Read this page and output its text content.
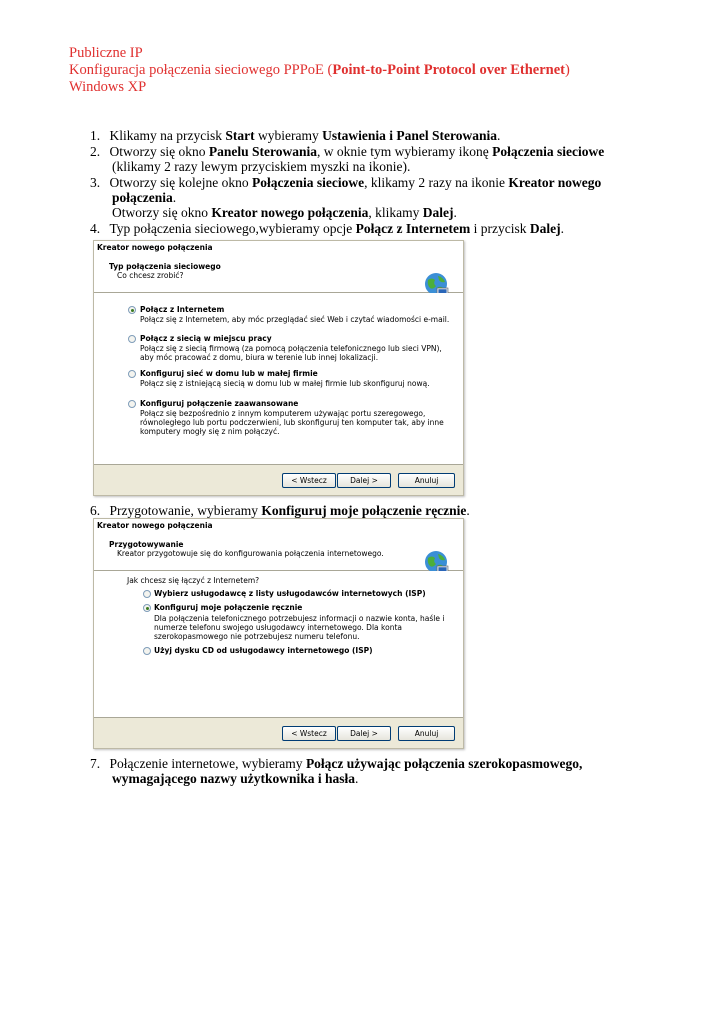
Publiczne IP
Konfiguracja połączenia sieciowego PPPoE (Point-to-Point Protocol over Ethernet)
Windows XP
1. Klikamy na przycisk Start wybieramy Ustawienia i Panel Sterowania.
2. Otworzy się okno Panelu Sterowania, w oknie tym wybieramy ikonę Połączenia sieciowe
(klikamy 2 razy lewym przyciskiem myszki na ikonie).
3. Otworzy się kolejne okno Połączenia sieciowe, klikamy 2 razy na ikonie Kreator nowego
połączenia.
Otworzy się okno Kreator nowego połączenia, klikamy Dalej.
4. Typ połączenia sieciowego,wybieramy opcje Połącz z Internetem i przycisk Dalej.
Kreator nowego połączenia
Typ połączenia sieciowego
Co chcesz zrobić?
Połącz z Internetem
Połącz się z Internetem, aby móc przeglądać sieć Web i czytać wiadomości e-mail.
Połącz z siecią w miejscu pracy
Połącz się z siecią firmową (za pomocą połączenia telefonicznego lub sieci VPN),
aby móc pracować z domu, biura w terenie lub innej lokalizacji.
Konfiguruj sieć w domu lub w małej firmie
Połącz się z istniejącą siecią w domu lub w małej firmie lub skonfiguruj nową.
Konfiguruj połączenie zaawansowane
Połącz się bezpośrednio z innym komputerem używając portu szeregowego,
równoległego lub portu podczerwieni, lub skonfiguruj ten komputer tak, aby inne
komputery mogły się z nim połączyć.
< Wstecz	Dalej >	Anuluj
6. Przygotowanie, wybieramy Konfiguruj moje połączenie ręcznie.
Kreator nowego połączenia
Przygotowywanie
Kreator przygotowuje się do konfigurowania połączenia internetowego.
Jak chcesz się łączyć z Internetem?
Wybierz usługodawcę z listy usługodawców internetowych (ISP)
Konfiguruj moje połączenie ręcznie
Dla połączenia telefonicznego potrzebujesz informacji o nazwie konta, haśle i
numerze telefonu swojego usługodawcy internetowego. Dla konta
szerokopasmowego nie potrzebujesz numeru telefonu.
Użyj dysku CD od usługodawcy internetowego (ISP)
< Wstecz	Dalej >	Anuluj
7. Połączenie internetowe, wybieramy Połącz używając połączenia szerokopasmowego,
wymagającego nazwy użytkownika i hasła.
